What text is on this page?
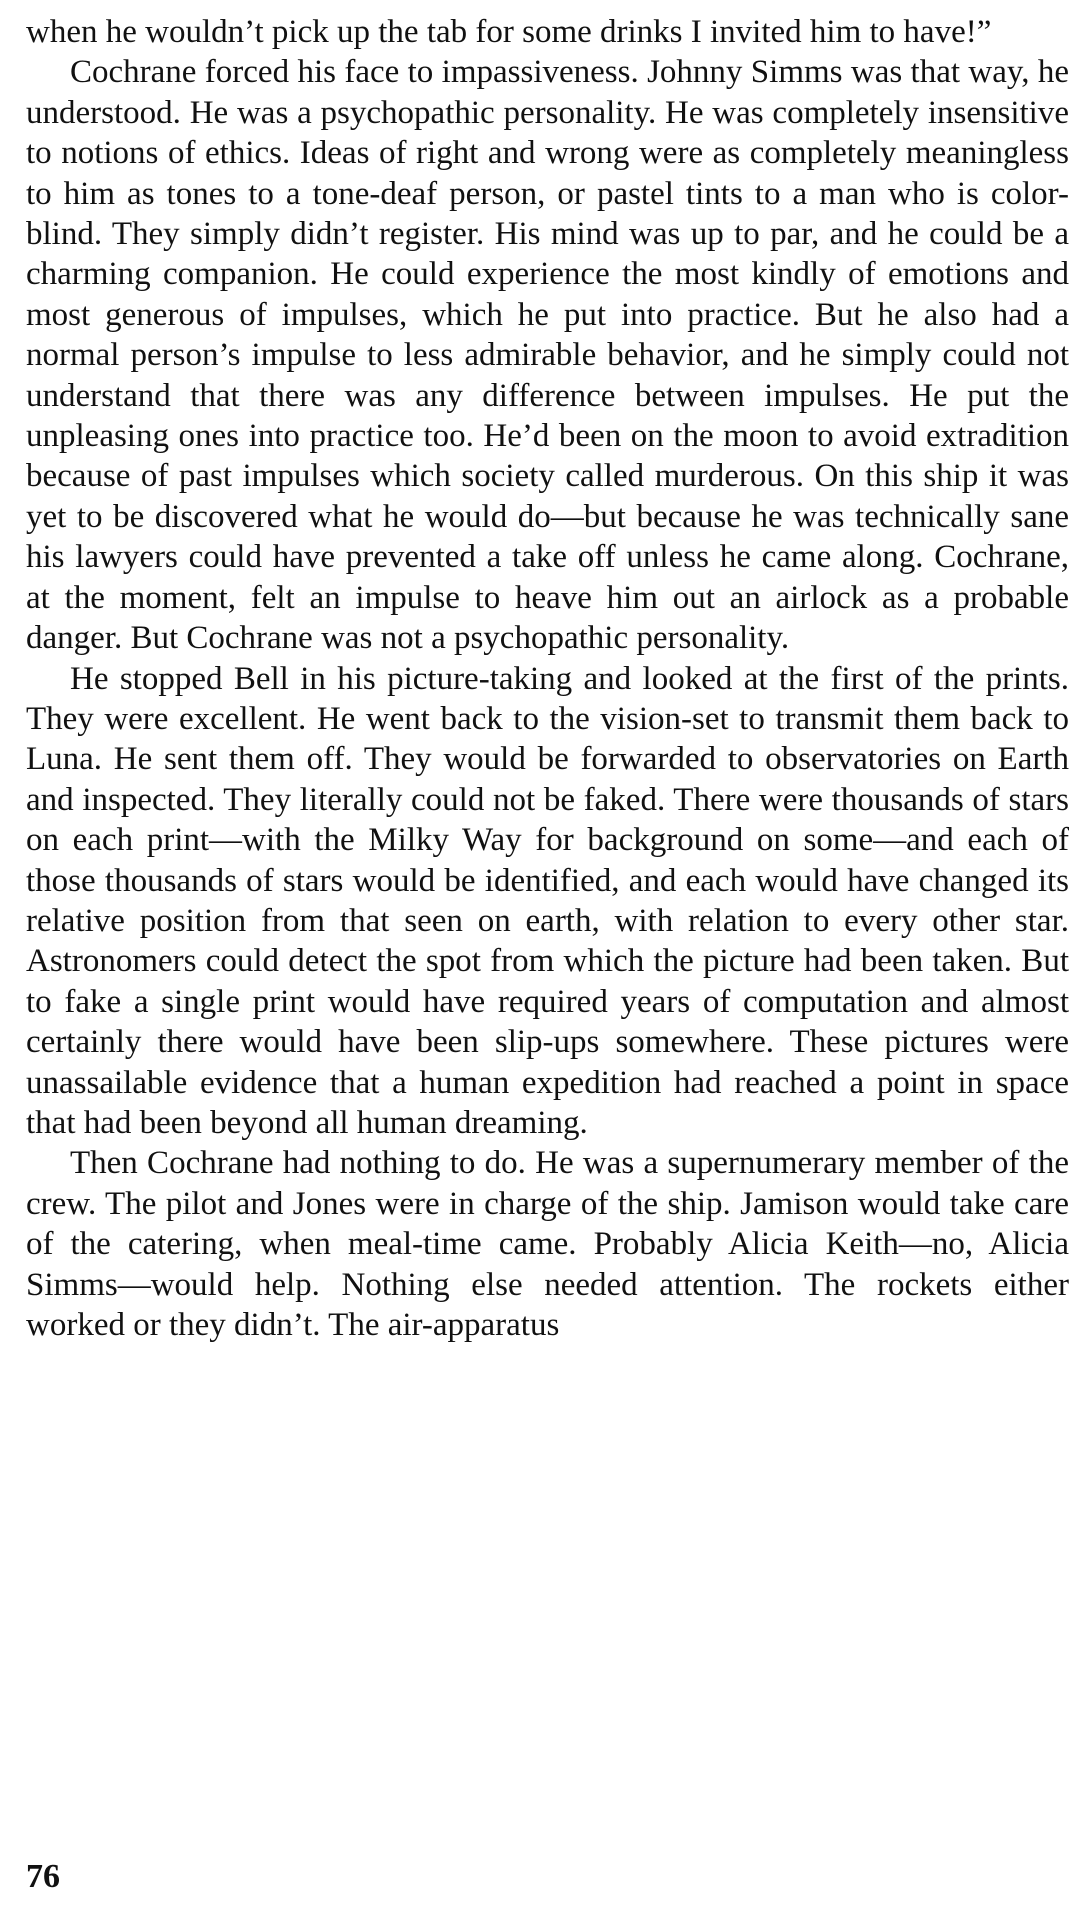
when he wouldn’t pick up the tab for some drinks I invited him to have!”

Cochrane forced his face to impassiveness. Johnny Simms was that way, he understood. He was a psychopathic personality. He was completely insensitive to notions of ethics. Ideas of right and wrong were as completely meaningless to him as tones to a tone-deaf person, or pastel tints to a man who is color-blind. They simply didn’t register. His mind was up to par, and he could be a charming companion. He could experience the most kindly of emotions and most generous of impulses, which he put into practice. But he also had a normal person’s impulse to less admirable behavior, and he simply could not understand that there was any difference between impulses. He put the unpleasing ones into practice too. He’d been on the moon to avoid extradition because of past impulses which society called murderous. On this ship it was yet to be discovered what he would do—but because he was technically sane his lawyers could have prevented a take off unless he came along. Cochrane, at the moment, felt an impulse to heave him out an airlock as a probable danger. But Cochrane was not a psychopathic personality.

He stopped Bell in his picture-taking and looked at the first of the prints. They were excellent. He went back to the vision-set to transmit them back to Luna. He sent them off. They would be forwarded to observatories on Earth and inspected. They literally could not be faked. There were thousands of stars on each print—with the Milky Way for background on some—and each of those thousands of stars would be identified, and each would have changed its relative position from that seen on earth, with relation to every other star. Astronomers could detect the spot from which the picture had been taken. But to fake a single print would have required years of computation and almost certainly there would have been slip-ups somewhere. These pictures were unassailable evidence that a human expedition had reached a point in space that had been beyond all human dreaming.

Then Cochrane had nothing to do. He was a supernumerary member of the crew. The pilot and Jones were in charge of the ship. Jamison would take care of the catering, when meal-time came. Probably Alicia Keith—no, Alicia Simms—would help. Nothing else needed attention. The rockets either worked or they didn’t. The air-apparatus

76
